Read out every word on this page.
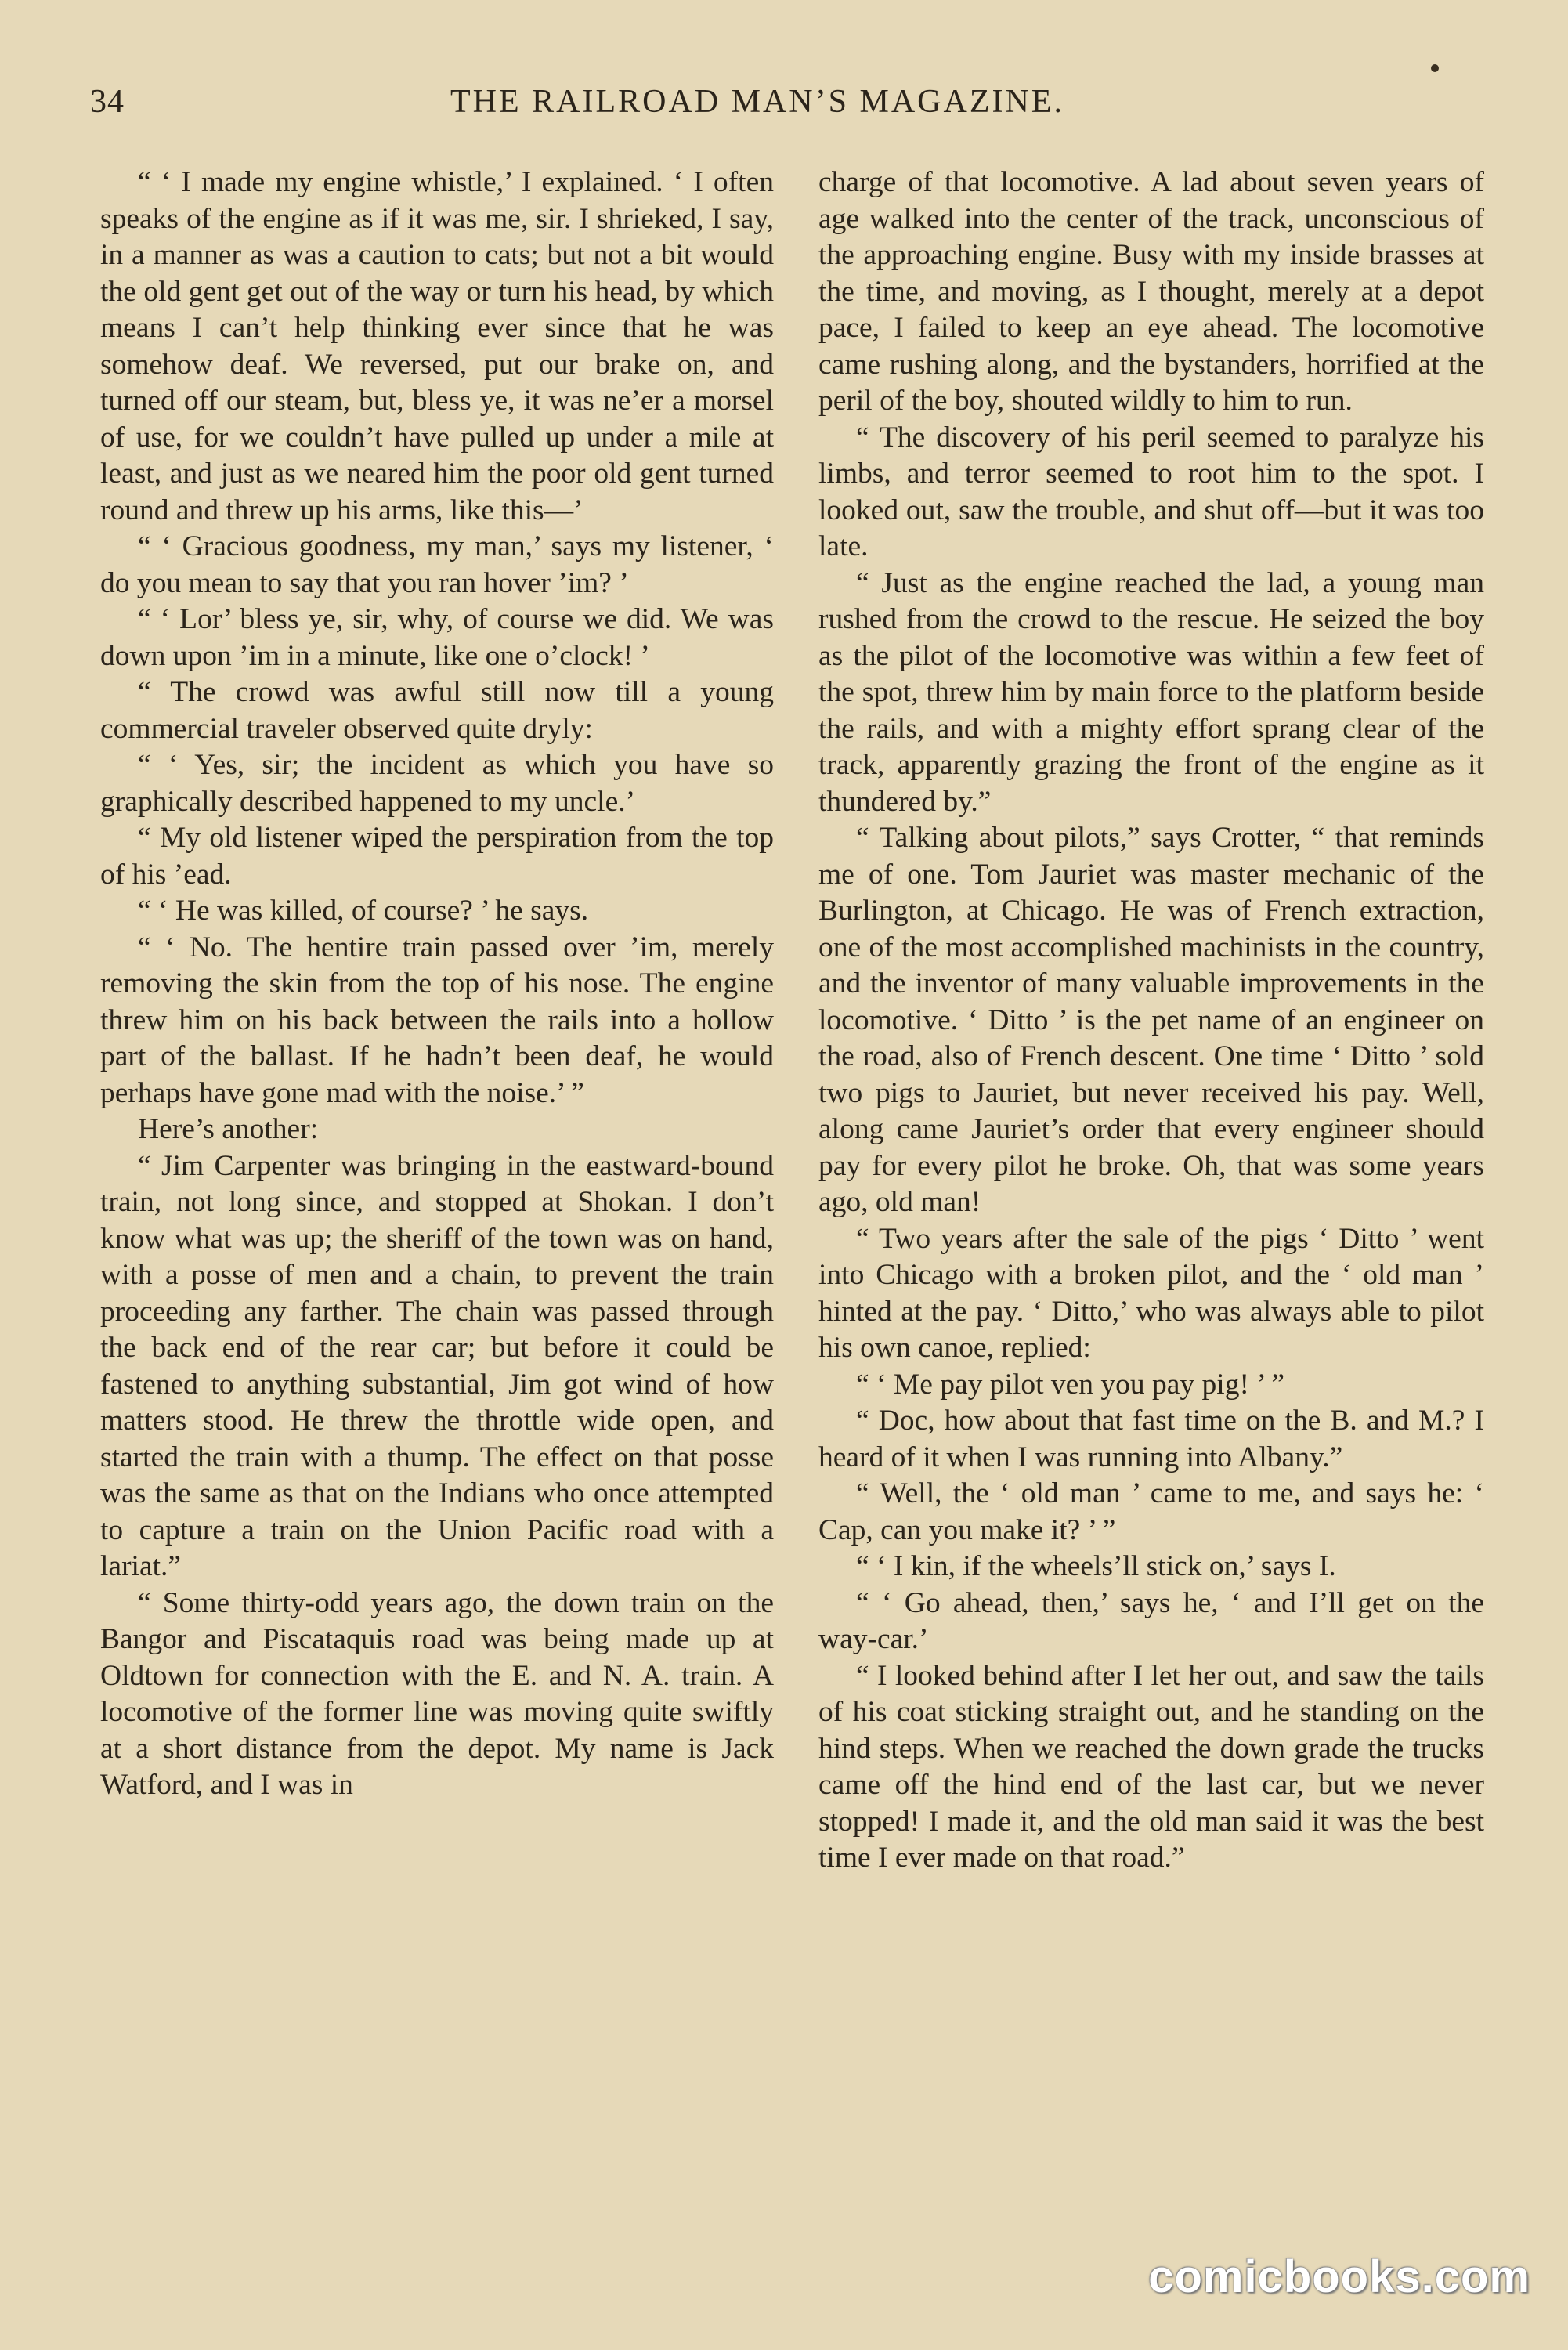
34	THE RAILROAD MAN’S MAGAZINE.

“ ‘ I made my engine whistle,’ I explained. ‘ I often speaks of the engine as if it was me, sir. I shrieked, I say, in a manner as was a caution to cats; but not a bit would the old gent get out of the way or turn his head, by which means I can’t help thinking ever since that he was somehow deaf. We reversed, put our brake on, and turned off our steam, but, bless ye, it was ne’er a morsel of use, for we couldn’t have pulled up under a mile at least, and just as we neared him the poor old gent turned round and threw up his arms, like this—’

“ ‘ Gracious goodness, my man,’ says my listener, ‘ do you mean to say that you ran hover ’im? ’

“ ‘ Lor’ bless ye, sir, why, of course we did. We was down upon ’im in a minute, like one o’clock! ’

“ The crowd was awful still now till a young commercial traveler observed quite dryly:

“ ‘ Yes, sir; the incident as which you have so graphically described happened to my uncle.’

“ My old listener wiped the perspiration from the top of his ’ead.

“ ‘ He was killed, of course? ’ he says.

“ ‘ No. The hentire train passed over ’im, merely removing the skin from the top of his nose. The engine threw him on his back between the rails into a hollow part of the ballast. If he hadn’t been deaf, he would perhaps have gone mad with the noise.’ ”

Here’s another:

“ Jim Carpenter was bringing in the eastward-bound train, not long since, and stopped at Shokan. I don’t know what was up; the sheriff of the town was on hand, with a posse of men and a chain, to prevent the train proceeding any farther. The chain was passed through the back end of the rear car; but before it could be fastened to anything substantial, Jim got wind of how matters stood. He threw the throttle wide open, and started the train with a thump. The effect on that posse was the same as that on the Indians who once attempted to capture a train on the Union Pacific road with a lariat.”

“ Some thirty-odd years ago, the down train on the Bangor and Piscataquis road was being made up at Oldtown for connection with the E. and N. A. train. A locomotive of the former line was moving quite swiftly at a short distance from the depot. My name is Jack Watford, and I was in

charge of that locomotive. A lad about seven years of age walked into the center of the track, unconscious of the approaching engine. Busy with my inside brasses at the time, and moving, as I thought, merely at a depot pace, I failed to keep an eye ahead. The locomotive came rushing along, and the bystanders, horrified at the peril of the boy, shouted wildly to him to run.

“ The discovery of his peril seemed to paralyze his limbs, and terror seemed to root him to the spot. I looked out, saw the trouble, and shut off—but it was too late.

“ Just as the engine reached the lad, a young man rushed from the crowd to the rescue. He seized the boy as the pilot of the locomotive was within a few feet of the spot, threw him by main force to the platform beside the rails, and with a mighty effort sprang clear of the track, apparently grazing the front of the engine as it thundered by.”

“ Talking about pilots,” says Crotter, “ that reminds me of one. Tom Jauriet was master mechanic of the Burlington, at Chicago. He was of French extraction, one of the most accomplished machinists in the country, and the inventor of many valuable improvements in the locomotive. ‘ Ditto ’ is the pet name of an engineer on the road, also of French descent. One time ‘ Ditto ’ sold two pigs to Jauriet, but never received his pay. Well, along came Jauriet’s order that every engineer should pay for every pilot he broke. Oh, that was some years ago, old man!

“ Two years after the sale of the pigs ‘ Ditto ’ went into Chicago with a broken pilot, and the ‘ old man ’ hinted at the pay. ‘ Ditto,’ who was always able to pilot his own canoe, replied:

“ ‘ Me pay pilot ven you pay pig! ’ ”

“ Doc, how about that fast time on the B. and M.? I heard of it when I was running into Albany.”

“ Well, the ‘ old man ’ came to me, and says he: ‘ Cap, can you make it? ’ ”

“ ‘ I kin, if the wheels’ll stick on,’ says I.

“ ‘ Go ahead, then,’ says he, ‘ and I’ll get on the way-car.’

“ I looked behind after I let her out, and saw the tails of his coat sticking straight out, and he standing on the hind steps. When we reached the down grade the trucks came off the hind end of the last car, but we never stopped! I made it, and the old man said it was the best time I ever made on that road.”

comicbooks.com
